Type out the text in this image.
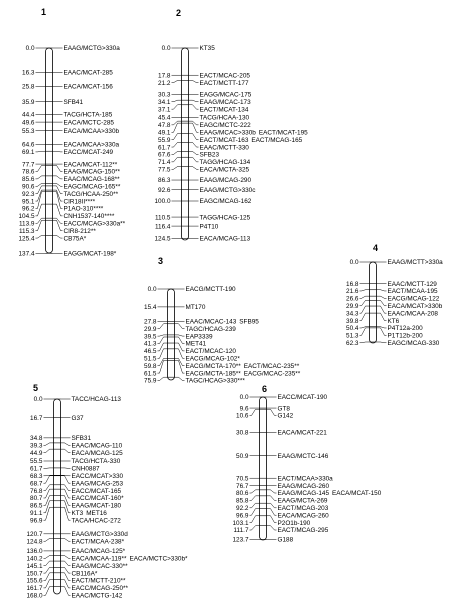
1
0.0	EAAG/MCTG>330a
16.3	EAAC/MCAT-285
25.8	EACA/MCAT-156
35.9	SFB41
44.4	TACG/HCTA-185
49.6	EACA/MCTC-285
55.3	EACA/MCAA>330b
64.6	EACA/MCAA>330a
69.1	EACC/MCAT-249
77.7	EACA/MCAT-112**
78.6	EAAG/MCAG-150**
85.6	EAAC/MCAG-168**
90.6	EAGC/MCAG-165**
92.3	TACG/HCAA-250**
95.1	CIR18II****
96.2	P1AO-310****
104.5	CNH1537-140****
113.9	EACC/MCAG>330a**
115.3	CIR8-212**
125.4	CB75A*
137.4	EAGG/MCAT-198*
2
0.0	KT35
17.8	EACT/MCAC-205
21.2	EACT/MCTT-177
30.3	EAGG/MCAC-175
34.1	EAAG/MCAC-173
37.1	EACT/MCAT-134
45.4	TACG/HCAA-130
47.8	EAGC/MCTC-222
49.1	EAAG/MCAC>330b EACT/MCAT-195
55.9	EACT/MCAT-163 EACT/MCAG-165
61.7	EAAC/MCTT-330
67.6	SFB23
71.4	TAGG/HCAG-134
77.5	EACA/MCTA-325
86.3	EAAG/MCAG-290
92.6	EAAG/MCTG>330c
100.0	EAGC/MCAG-162
110.5	TAGG/HCAG-125
116.4	P4T10
124.5	EACA/MCAG-113
3
0.0	EACG/MCTT-190
15.4	MT170
27.8	EAAC/MCAC-143 SFB95
29.9	TAGC/HCAG-239
39.5	EAP3339
41.3	MET41
46.5	EACT/MCAC-120
51.5	EACG/MCAG-102*
59.8	EACG/MCTA-170** EACT/MCAC-235**
61.5	EACG/MCTA-185** EACG/MCAC-235**
75.9	TAGC/HCAG>330***
4
0.0	EAAG/MCTT>330a
16.8	EAAC/MCTT-129
21.6	EACT/MCAA-195
26.6	EACG/MCAG-122
29.9	EACA/MCAT>330b
34.3	EAAC/MCAA-208
39.8	KT6
50.4	P4T12a-200
51.3	P1T12b-200
62.3	EAGC/MCAG-330
5
0.0	TACC/HCAG-113
16.7	G37
34.8	SFB31
39.3	EAAC/MCAG-110
44.9	EACA/MCAG-125
55.5	TACG/HCTA-330
61.7	CNH0887
68.3	EACC/MCAT>330
68.7	EAAG/MCAG-253
76.8	EACC/MCAT-165
80.7	EACC/MCAT-160*
86.5	EAAG/MCAT-180
91.1	KT3 MET16
96.9	TACA/HCAC-272
120.7	EAAG/MCTG>330d
124.8	EACT/MCAA-238*
136.0	EAAC/MCAG-125*
140.2	EACA/MCAA-119** EACA/MCTC>330b*
145.1	EAAG/MCAC-330**
150.7	CB116A*
155.6	EACT/MCTT-210**
161.7	EACC/MCAG-250**
168.0	EAAC/MCTG-142
6
0.0	EACC/MCAT-190
9.6	GT8
10.6	G142
30.8	EACA/MCAT-221
50.9	EAAG/MCTC-146
70.5	EACT/MCAA>330a
76.7	EAAG/MCAG-260
80.6	EAAG/MCAG-145 EACA/MCAT-150
85.8	EAAG/MCTA-269
92.2	EACT/MCAG-203
96.9	EACA/MCAG-260
103.1	P2O1b-190
111.7	EACT/MCAG-295
123.7	G188
